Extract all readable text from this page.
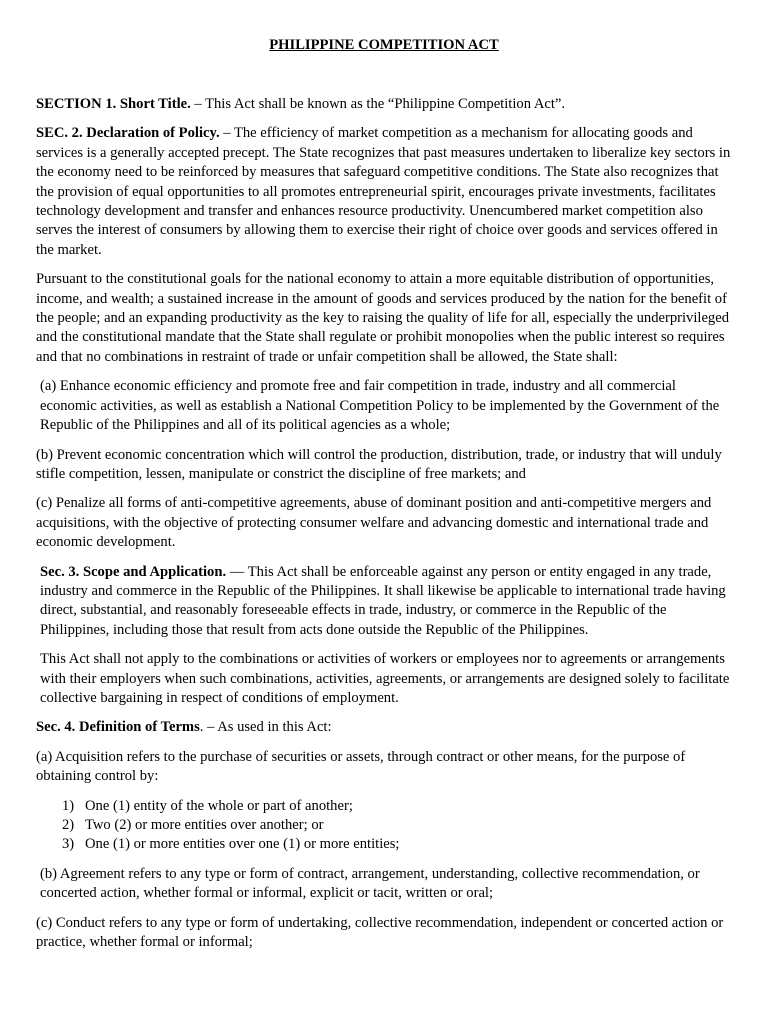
PHILIPPINE COMPETITION ACT

SECTION 1. Short Title. – This Act shall be known as the “Philippine Competition Act”.

SEC. 2. Declaration of Policy. – The efficiency of market competition as a mechanism for allocating goods and services is a generally accepted precept. The State recognizes that past measures undertaken to liberalize key sectors in the economy need to be reinforced by measures that safeguard competitive conditions. The State also recognizes that the provision of equal opportunities to all promotes entrepreneurial spirit, encourages private investments, facilitates technology development and transfer and enhances resource productivity. Unencumbered market competition also serves the interest of consumers by allowing them to exercise their right of choice over goods and services offered in the market.

Pursuant to the constitutional goals for the national economy to attain a more equitable distribution of opportunities, income, and wealth; a sustained increase in the amount of goods and services produced by the nation for the benefit of the people; and an expanding productivity as the key to raising the quality of life for all, especially the underprivileged and the constitutional mandate that the State shall regulate or prohibit monopolies when the public interest so requires and that no combinations in restraint of trade or unfair competition shall be allowed, the State shall:

(a) Enhance economic efficiency and promote free and fair competition in trade, industry and all commercial economic activities, as well as establish a National Competition Policy to be implemented by the Government of the Republic of the Philippines and all of its political agencies as a whole;

(b) Prevent economic concentration which will control the production, distribution, trade, or industry that will unduly stifle competition, lessen, manipulate or constrict the discipline of free markets; and

(c) Penalize all forms of anti-competitive agreements, abuse of dominant position and anti-competitive mergers and acquisitions, with the objective of protecting consumer welfare and advancing domestic and international trade and economic development.

Sec. 3. Scope and Application. — This Act shall be enforceable against any person or entity engaged in any trade, industry and commerce in the Republic of the Philippines. It shall likewise be applicable to international trade having direct, substantial, and reasonably foreseeable effects in trade, industry, or commerce in the Republic of the Philippines, including those that result from acts done outside the Republic of the Philippines.

This Act shall not apply to the combinations or activities of workers or employees nor to agreements or arrangements with their employers when such combinations, activities, agreements, or arrangements are designed solely to facilitate collective bargaining in respect of conditions of employment.

Sec. 4. Definition of Terms. – As used in this Act:

(a) Acquisition refers to the purchase of securities or assets, through contract or other means, for the purpose of obtaining control by:

1) One (1) entity of the whole or part of another;
2) Two (2) or more entities over another; or
3) One (1) or more entities over one (1) or more entities;

(b) Agreement refers to any type or form of contract, arrangement, understanding, collective recommendation, or concerted action, whether formal or informal, explicit or tacit, written or oral;

(c) Conduct refers to any type or form of undertaking, collective recommendation, independent or concerted action or practice, whether formal or informal;
